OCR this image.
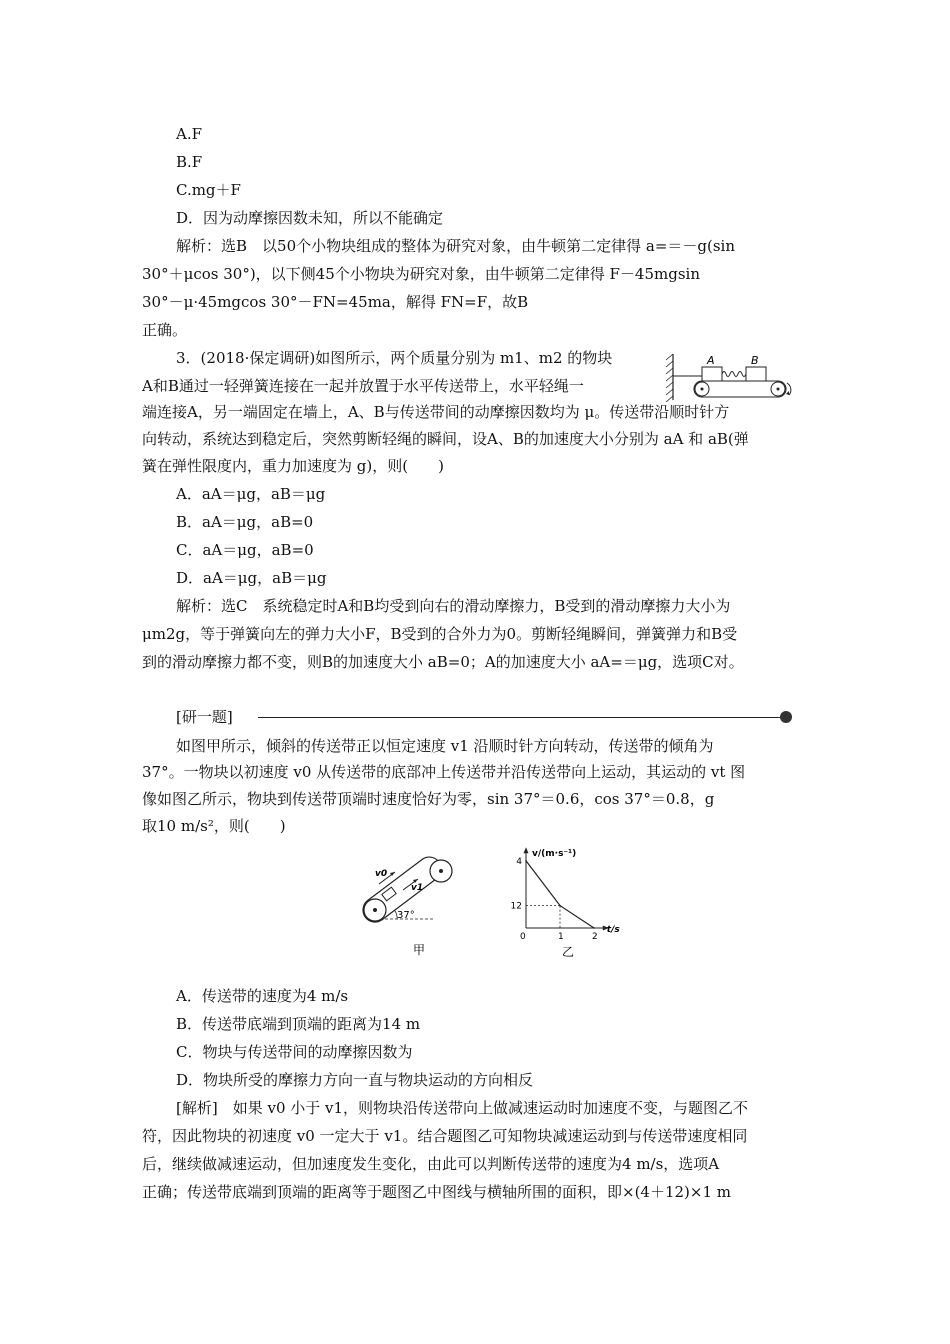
A.F
B.F
C.mg＋F
D．因为动摩擦因数未知，所以不能确定
解析：选B　以50个小物块组成的整体为研究对象，由牛顿第二定律得 a=＝－g(sin
30°＋μcos 30°)，以下侧45个小物块为研究对象，由牛顿第二定律得 F－45mgsin
30°－μ·45mgcos 30°－FN=45ma，解得 FN=F，故B
正确。
3．(2018·保定调研)如图所示，两个质量分别为 m1、m2 的物块
A和B通过一轻弹簧连接在一起并放置于水平传送带上，水平轻绳一
端连接A，另一端固定在墙上，A、B与传送带间的动摩擦因数均为 μ。传送带沿顺时针方
向转动，系统达到稳定后，突然剪断轻绳的瞬间，设A、B的加速度大小分别为 aA 和 aB(弹
簧在弹性限度内，重力加速度为 g)，则(　　)
A	B
A．aA＝μg，aB＝μg
B．aA＝μg，aB=0
C．aA＝μg，aB=0
D．aA＝μg，aB＝μg
解析：选C　系统稳定时A和B均受到向右的滑动摩擦力，B受到的滑动摩擦力大小为
μm2g，等于弹簧向左的弹力大小F，B受到的合外力为0。剪断轻绳瞬间，弹簧弹力和B受
到的滑动摩擦力都不变，则B的加速度大小 aB=0；A的加速度大小 aA=＝μg，选项C对。
[研一题]
如图甲所示，倾斜的传送带正以恒定速度 v1 沿顺时针方向转动，传送带的倾角为
37°。一物块以初速度 v0 从传送带的底部冲上传送带并沿传送带向上运动，其运动的 vt 图
像如图乙所示，物块到传送带顶端时速度恰好为零，sin 37°＝0.6，cos 37°＝0.8，g
取10 m/s²，则(　　)
v0
v1
37°
甲
v/(m·s⁻¹)
t/s
12
4
0	1	2
乙
A．传送带的速度为4 m/s
B．传送带底端到顶端的距离为14 m
C．物块与传送带间的动摩擦因数为
D．物块所受的摩擦力方向一直与物块运动的方向相反
[解析]　如果 v0 小于 v1，则物块沿传送带向上做减速运动时加速度不变，与题图乙不
符，因此物块的初速度 v0 一定大于 v1。结合题图乙可知物块减速运动到与传送带速度相同
后，继续做减速运动，但加速度发生变化，由此可以判断传送带的速度为4 m/s，选项A
正确；传送带底端到顶端的距离等于题图乙中图线与横轴所围的面积，即×(4＋12)×1 m
